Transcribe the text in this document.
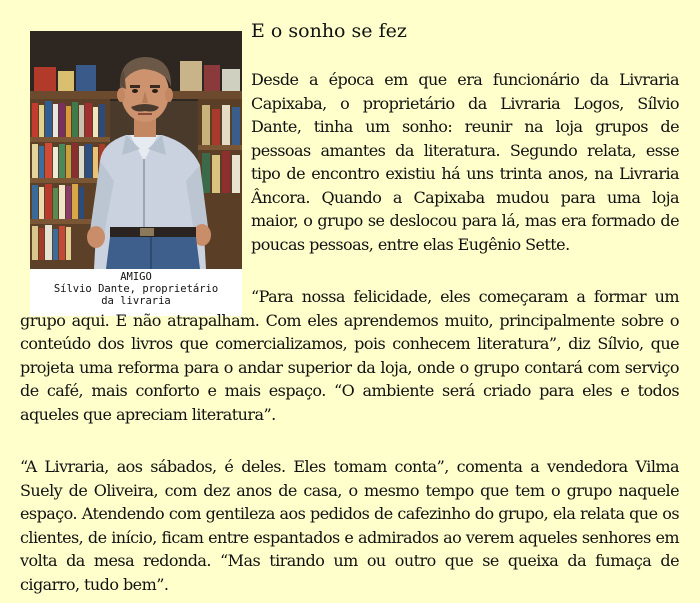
AMIGO
Sílvio Dante, proprietário
da livraria
E o sonho se fez

Desde a época em que era funcionário da Livraria Capixaba, o proprietário da Livraria Logos, Sílvio Dante, tinha um sonho: reunir na loja grupos de pessoas amantes da literatura. Segundo relata, esse tipo de encontro existiu há uns trinta anos, na Livraria Âncora. Quando a Capixaba mudou para uma loja maior, o grupo se deslocou para lá, mas era formado de poucas pessoas, entre elas Eugênio Sette.

“Para nossa felicidade, eles começaram a formar um grupo aqui. E não atrapalham. Com eles aprendemos muito, principalmente sobre o conteúdo dos livros que comercializamos, pois conhecem literatura”, diz Sílvio, que projeta uma reforma para o andar superior da loja, onde o grupo contará com serviço de café, mais conforto e mais espaço. “O ambiente será criado para eles e todos aqueles que apreciam literatura”.

“A Livraria, aos sábados, é deles. Eles tomam conta”, comenta a vendedora Vilma Suely de Oliveira, com dez anos de casa, o mesmo tempo que tem o grupo naquele espaço. Atendendo com gentileza aos pedidos de cafezinho do grupo, ela relata que os clientes, de início, ficam entre espantados e admirados ao verem aqueles senhores em volta da mesa redonda. “Mas tirando um ou outro que se queixa da fumaça de cigarro, tudo bem”.
